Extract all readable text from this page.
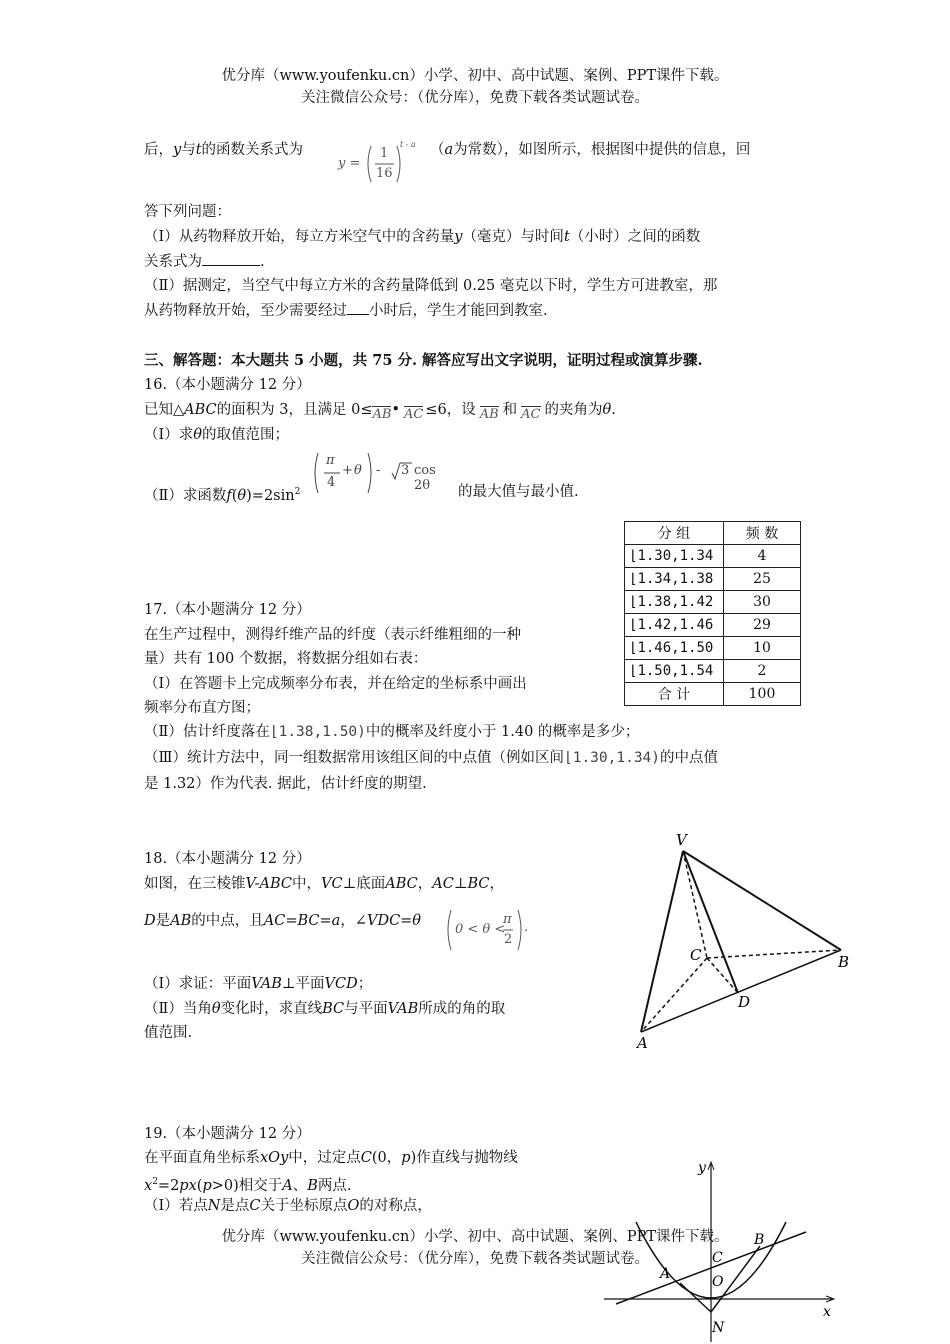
优分库（www.youfenku.cn）小学、初中、高中试题、案例、PPT课件下载。
关注微信公众号：（优分库），免费下载各类试题试卷。
后，y与t的函数关系式为
y =
1
16
t - a （a为常数），如图所示，根据图中提供的信息，回
答下列问题：
（Ⅰ）从药物释放开始，每立方米空气中的含药量y（毫克）与时间t（小时）之间的函数
关系式为	.
（Ⅱ）据测定，当空气中每立方米的含药量降低到 0.25 毫克以下时，学生方可进教室，那
从药物释放开始，至少需要经过 小时后，学生才能回到教室.
三、解答题：本大题共 5 小题，共 75 分. 解答应写出文字说明，证明过程或演算步骤.
16.（本小题满分 12 分）
已知△ABC的面积为 3，且满足 0≤AB• AC ≤6，设 AB 和 AC 的夹角为θ.
（Ⅰ）求θ的取值范围；
（Ⅱ）求函数$f(\theta)=2\sin^2$
π
4
+ θ - 3 cos 2θ	的最大值与最小值.
分 组	频 数
⌊1.30,1.34	4
⌊1.34,1.38	25
⌊1.38,1.42	30
⌊1.42,1.46	29
⌊1.46,1.50	10
⌊1.50,1.54	2
合 计	100
17.（本小题满分 12 分）
在生产过程中，测得纤维产品的纤度（表示纤维粗细的一种
量）共有 100 个数据，将数据分组如右表：
（Ⅰ）在答题卡上完成频率分布表，并在给定的坐标系中画出
频率分布直方图；
（Ⅱ）估计纤度落在⌊1.38,1.50)中的概率及纤度小于 1.40 的概率是多少；
（Ⅲ）统计方法中，同一组数据常用该组区间的中点值（例如区间⌊1.30,1.34)的中点值
是 1.32）作为代表. 据此，估计纤度的期望.
18.（本小题满分 12 分）
如图，在三棱锥V-ABC中，VC⊥底面ABC，AC⊥BC，
D是AB的中点，且AC=BC=a，∠VDC=θ
0 < θ <
π
2
.
（Ⅰ）求证：平面VAB⊥平面VCD；
（Ⅱ）当角θ变化时，求直线BC与平面VAB所成的角的取
值范围.
V
C	B
D
A
19.（本小题满分 12 分）
在平面直角坐标系xOy中，过定点C(0，p)作直线与抛物线
$x^2=2px(p>0)$相交于A、B两点.
（Ⅰ）若点N是点C关于坐标原点O的对称点，
y
B
C
A	O
x
N
优分库（www.youfenku.cn）小学、初中、高中试题、案例、PPT课件下载。
关注微信公众号：（优分库），免费下载各类试题试卷。
